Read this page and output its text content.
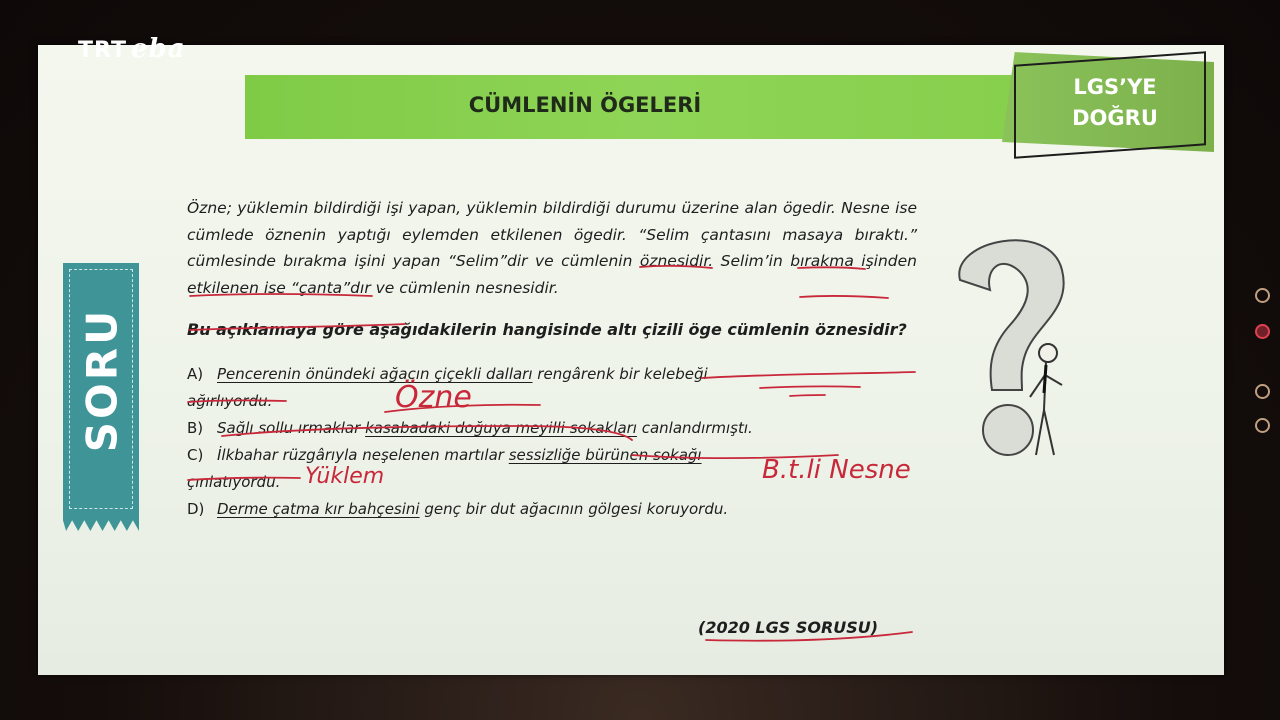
TRT eba
CÜMLENİN ÖGELERİ
LGS’YE
DOĞRU
SORU

Özne; yüklemin bildirdiği işi yapan, yüklemin bildirdiği durumu üzerine alan ögedir. Nesne ise cümlede öznenin yaptığı eylemden etkilenen ögedir. “Selim çantasını masaya bıraktı.” cümlesinde bırakma işini yapan “Selim”dir ve cümlenin öznesidir. Selim’in bırakma işinden etkilenen ise “çanta”dır ve cümlenin nesnesidir.

Bu açıklamaya göre aşağıdakilerin hangisinde altı çizili öge cümlenin öznesidir?

A) Pencerenin önündeki ağacın çiçekli dalları rengârenk bir kelebeği
ağırlıyordu.
B) Sağlı sollu ırmaklar kasabadaki doğuya meyilli sokakları canlandırmıştı.
C) İlkbahar rüzgârıyla neşelenen martılar sessizliğe bürünen sokağı
çınlatıyordu.
D) Derme çatma kır bahçesini genç bir dut ağacının gölgesi koruyordu.
(2020 LGS SORUSU)
Özne
Yüklem	B.t.li Nesne
